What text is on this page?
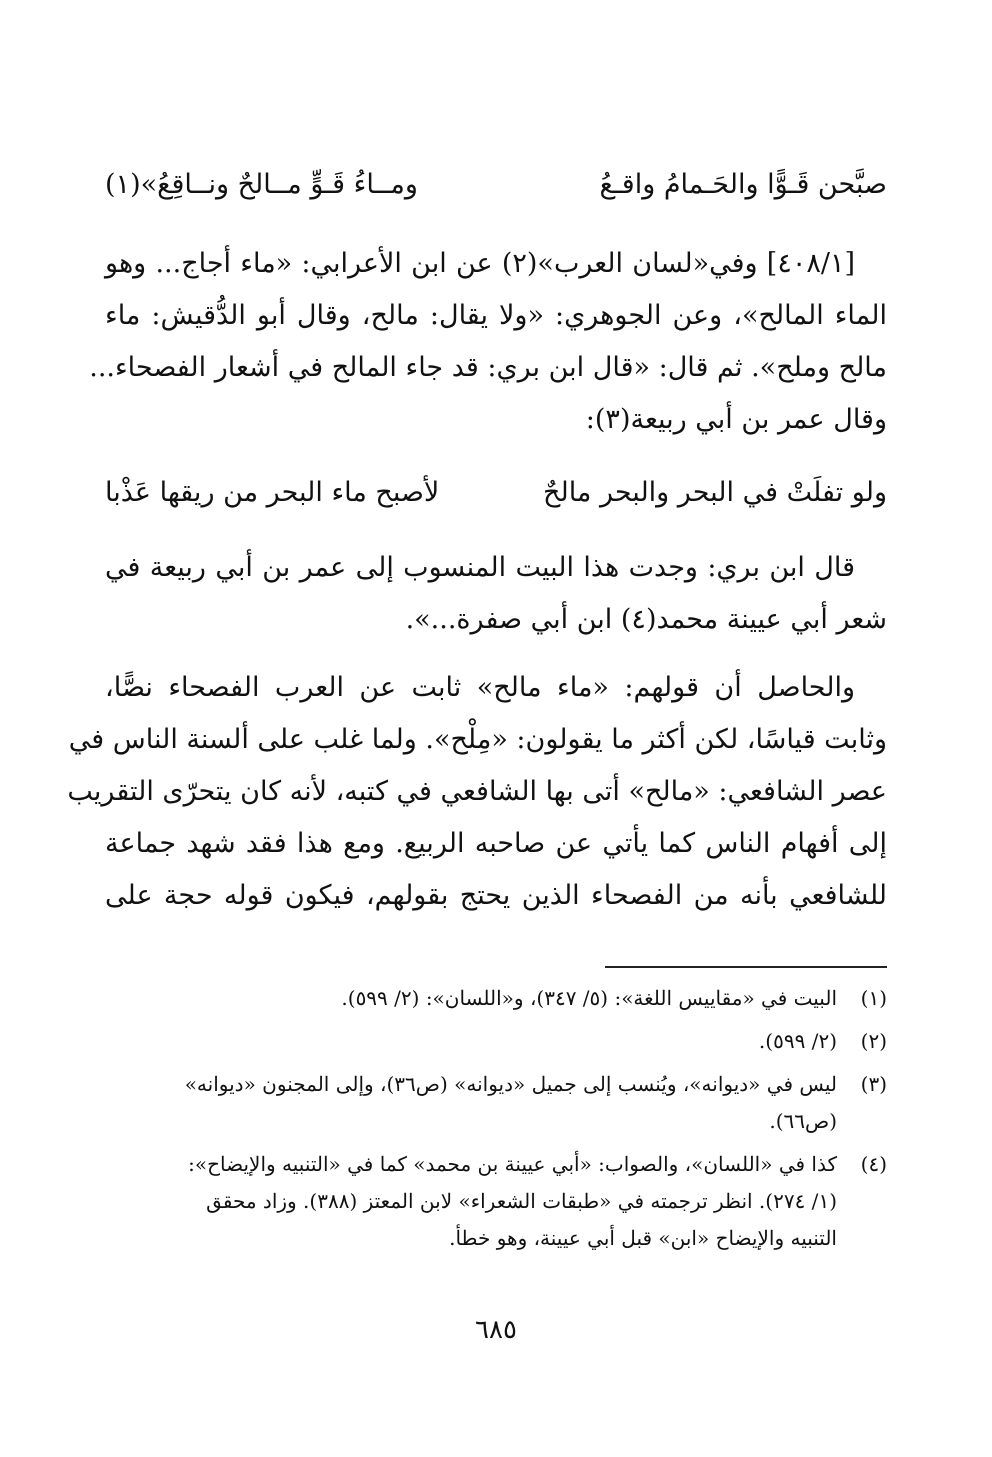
صبَّحن قَـوًّا والحَـمامُ واقـعُ
ومــاءُ قَـوٍّ مــالحٌ ونــاقِعُ»(١)
[٤٠٨/١] وفي«لسان العرب»(٢) عن ابن الأعرابي: «ماء أجاج... وهو
الماء المالح»، وعن الجوهري: «ولا يقال: مالح، وقال أبو الدُّقيش: ماء
مالح وملح». ثم قال: «قال ابن بري: قد جاء المالح في أشعار الفصحاء...
وقال عمر بن أبي ربيعة(٣):
ولو تفلَتْ في البحر والبحر مالحٌ
لأصبح ماء البحر من ريقها عَذْبا
قال ابن بري: وجدت هذا البيت المنسوب إلى عمر بن أبي ربيعة في
شعر أبي عيينة محمد(٤) ابن أبي صفرة...».
والحاصل أن قولهم: «ماء مالح» ثابت عن العرب الفصحاء نصًّا،
وثابت قياسًا، لكن أكثر ما يقولون: «مِلْح». ولما غلب على ألسنة الناس في
عصر الشافعي: «مالح» أتى بها الشافعي في كتبه، لأنه كان يتحرّى التقريب
إلى أفهام الناس كما يأتي عن صاحبه الربيع. ومع هذا فقد شهد جماعة
للشافعي بأنه من الفصحاء الذين يحتج بقولهم، فيكون قوله حجة على
(١)
البيت في «مقاييس اللغة»: (٥/ ٣٤٧)، و«اللسان»: (٢/ ٥٩٩).
(٢)
(٢/ ٥٩٩).
(٣)
ليس في «ديوانه»، ويُنسب إلى جميل «ديوانه» (ص٣٦)، وإلى المجنون «ديوانه»
(ص٦٦).
(٤)
كذا في «اللسان»، والصواب: «أبي عيينة بن محمد» كما في «التنبيه والإيضاح»:
(١/ ٢٧٤). انظر ترجمته في «طبقات الشعراء» لابن المعتز (٣٨٨). وزاد محقق
التنبيه والإيضاح «ابن» قبل أبي عيينة، وهو خطأ.
٦٨٥
